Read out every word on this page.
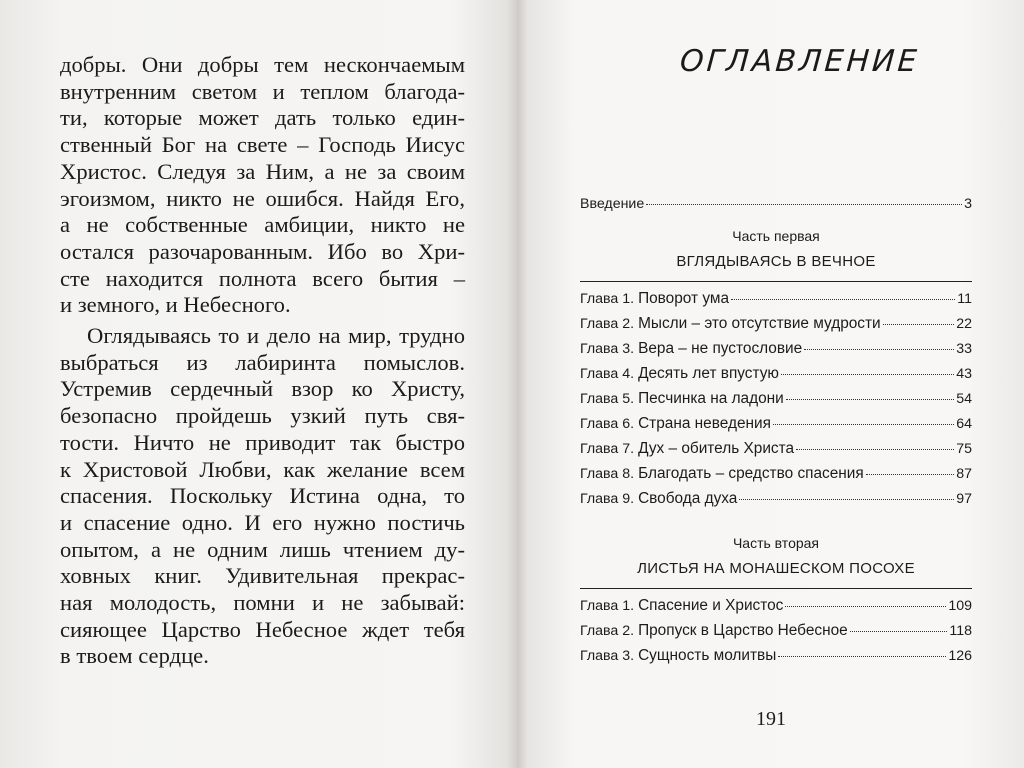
добры. Они добры тем нескончаемым
внутренним светом и теплом благода-
ти, которые может дать только един-
ственный Бог на свете – Господь Иисус
Христос. Следуя за Ним, а не за своим
эгоизмом, никто не ошибся. Найдя Его,
а не собственные амбиции, никто не
остался разочарованным. Ибо во Хри-
сте находится полнота всего бытия –
и земного, и Небесного.
Оглядываясь то и дело на мир, трудно
выбраться из лабиринта помыслов.
Устремив сердечный взор ко Христу,
безопасно пройдешь узкий путь свя-
тости. Ничто не приводит так быстро
к Христовой Любви, как желание всем
спасения. Поскольку Истина одна, то
и спасение одно. И его нужно постичь
опытом, а не одним лишь чтением ду-
ховных книг. Удивительная прекрас-
ная молодость, помни и не забывай:
сияющее Царство Небесное ждет тебя
в твоем сердце.
ОГЛАВЛЕНИЕ
Введение	3
Часть первая
ВГЛЯДЫВАЯСЬ В ВЕЧНОЕ
Глава 1. Поворот ума	11
Глава 2. Мысли – это отсутствие мудрости	22
Глава 3. Вера – не пустословие	33
Глава 4. Десять лет впустую	43
Глава 5. Песчинка на ладони	54
Глава 6. Страна неведения	64
Глава 7. Дух – обитель Христа	75
Глава 8. Благодать – средство спасения	87
Глава 9. Свобода духа	97
Часть вторая
ЛИСТЬЯ НА МОНАШЕСКОМ ПОСОХЕ
Глава 1. Спасение и Христос	109
Глава 2. Пропуск в Царство Небесное	118
Глава 3. Сущность молитвы	126
191
